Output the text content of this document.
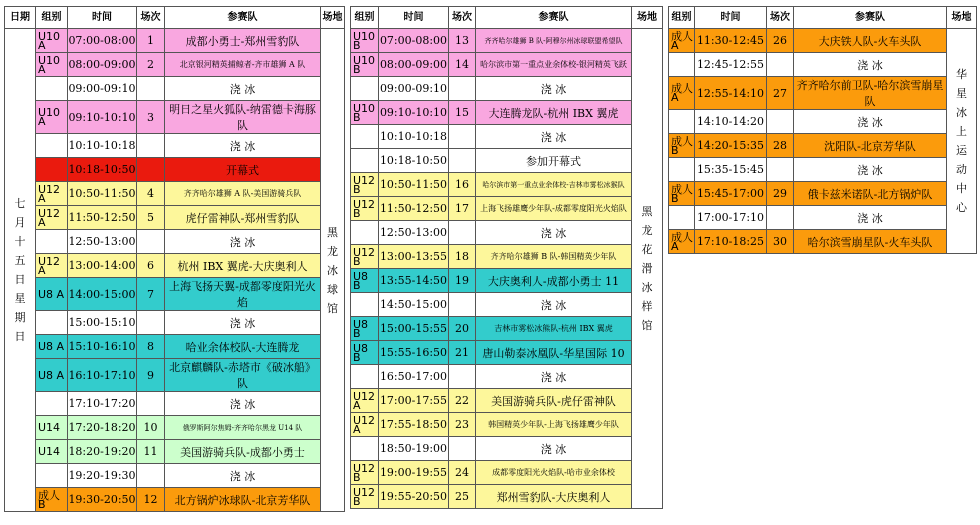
日期	组别	时间	场次	参赛队	场地
七月十五日星期日	U10 A	07:00-08:00	1	成都小勇士-郑州雪豹队	黑龙冰球馆
	U10 A	08:00-09:00	2	北京银河精英捕鲸者-齐市雄狮 A 队	
		09:00-09:10		浇 冰	
	U10 A	09:10-10:10	3	明日之星火狐队-纳雷德卡海豚队	
		10:10-10:18		浇 冰	
		10:18-10:50		开幕式	
	U12 A	10:50-11:50	4	齐齐哈尔雄狮 A 队-美国游骑兵队	
	U12 A	11:50-12:50	5	虎仔雷神队-郑州雪豹队	
		12:50-13:00		浇 冰	
	U12 A	13:00-14:00	6	杭州 IBX 翼虎-大庆奥利人	
	U8 A	14:00-15:00	7	上海飞扬天翼-成都零度阳光火焰	
		15:00-15:10		浇 冰	
	U8 A	15:10-16:10	8	哈业余体校队-大连腾龙	
	U8 A	16:10-17:10	9	北京麒麟队-赤塔市《破冰船》队	
		17:10-17:20		浇 冰	
	U14	17:20-18:20	10	俄罗斯阿尔焦姆-齐齐哈尔黑龙 U14 队	
	U14	18:20-19:20	11	美国游骑兵队-成都小勇士	
		19:20-19:30		浇 冰	
	成人 B	19:30-20:50	12	北方锅炉冰球队-北京芳华队	
组别	时间	场次	参赛队	场地
U10 B	07:00-08:00	13	齐齐哈尔雄狮 B 队-阿穆尔州冰球联盟希望队	黑龙花滑冰样馆
U10 B	08:00-09:00	14	哈尔滨市第一重点业余体校-银河精英飞跃	
	09:00-09:10		浇 冰	
U10 B	09:10-10:10	15	大连腾龙队-杭州 IBX 翼虎	
	10:10-10:18		浇 冰	
	10:18-10:50		参加开幕式	
U12 B	10:50-11:50	16	哈尔滨市第一重点业余体校-吉林市雾松冰猴队	
U12 B	11:50-12:50	17	上海飞扬雄鹰少年队-成都零度阳光火焰队	
	12:50-13:00		浇 冰	
U12 B	13:00-13:55	18	齐齐哈尔雄狮 B 队-韩国精英少年队	
U8 B	13:55-14:50	19	大庆奥利人-成都小勇士 11	
	14:50-15:00		浇 冰	
U8 B	15:00-15:55	20	吉林市雾松冰熊队-杭州 IBX 翼虎	
U8 B	15:55-16:50	21	唐山勒泰冰凰队-华星国际 10	
	16:50-17:00		浇 冰	
U12 A	17:00-17:55	22	美国游骑兵队-虎仔雷神队	
U12 A	17:55-18:50	23	韩国精英少年队-上海飞扬雄鹰少年队	
	18:50-19:00		浇 冰	
U12 B	19:00-19:55	24	成都零度阳光火焰队-哈市业余体校	
U12 B	19:55-20:50	25	郑州雪豹队-大庆奥利人	
组别	时间	场次	参赛队	场地
成人 A	11:30-12:45	26	大庆铁人队-火车头队	华星冰上运动中心
	12:45-12:55		浇 冰	
成人 A	12:55-14:10	27	齐齐哈尔前卫队-哈尔滨雪崩星队	
	14:10-14:20		浇 冰	
成人 B	14:20-15:35	28	沈阳队-北京芳华队	
	15:35-15:45		浇 冰	
成人 B	15:45-17:00	29	俄卡兹米诺队-北方锅炉队	
	17:00-17:10		浇 冰	
成人 A	17:10-18:25	30	哈尔滨雪崩星队-火车头队	
